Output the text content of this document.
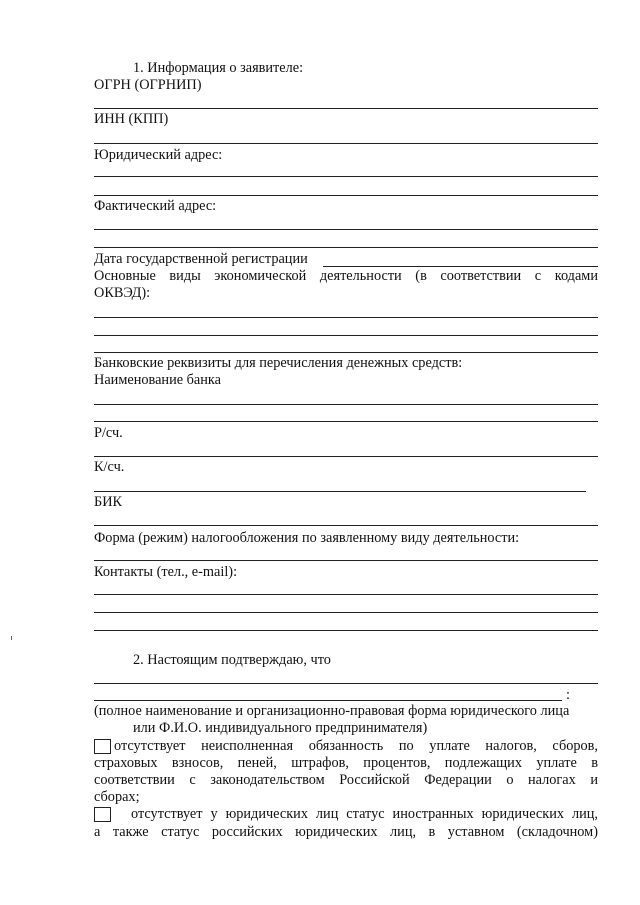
1. Информация о заявителе:
ОГРН (ОГРНИП)
ИНН (КПП)
Юридический адрес:
Фактический адрес:
Дата государственной регистрации
Основные виды экономической деятельности (в соответствии с кодами
ОКВЭД):
Банковские реквизиты для перечисления денежных средств:
Наименование банка
Р/сч.
К/сч.
БИК
Форма (режим) налогообложения по заявленному виду деятельности:
Контакты (тел., e-mail):
2. Настоящим подтверждаю, что
:
(полное наименование и организационно-правовая форма юридического лица
или Ф.И.О. индивидуального предпринимателя)
отсутствует неисполненная обязанность по уплате налогов, сборов,
страховых взносов, пеней, штрафов, процентов, подлежащих уплате в
соответствии с законодательством Российской Федерации о налогах и
сборах;
отсутствует у юридических лиц статус иностранных юридических лиц,
а также статус российских юридических лиц, в уставном (складочном)
